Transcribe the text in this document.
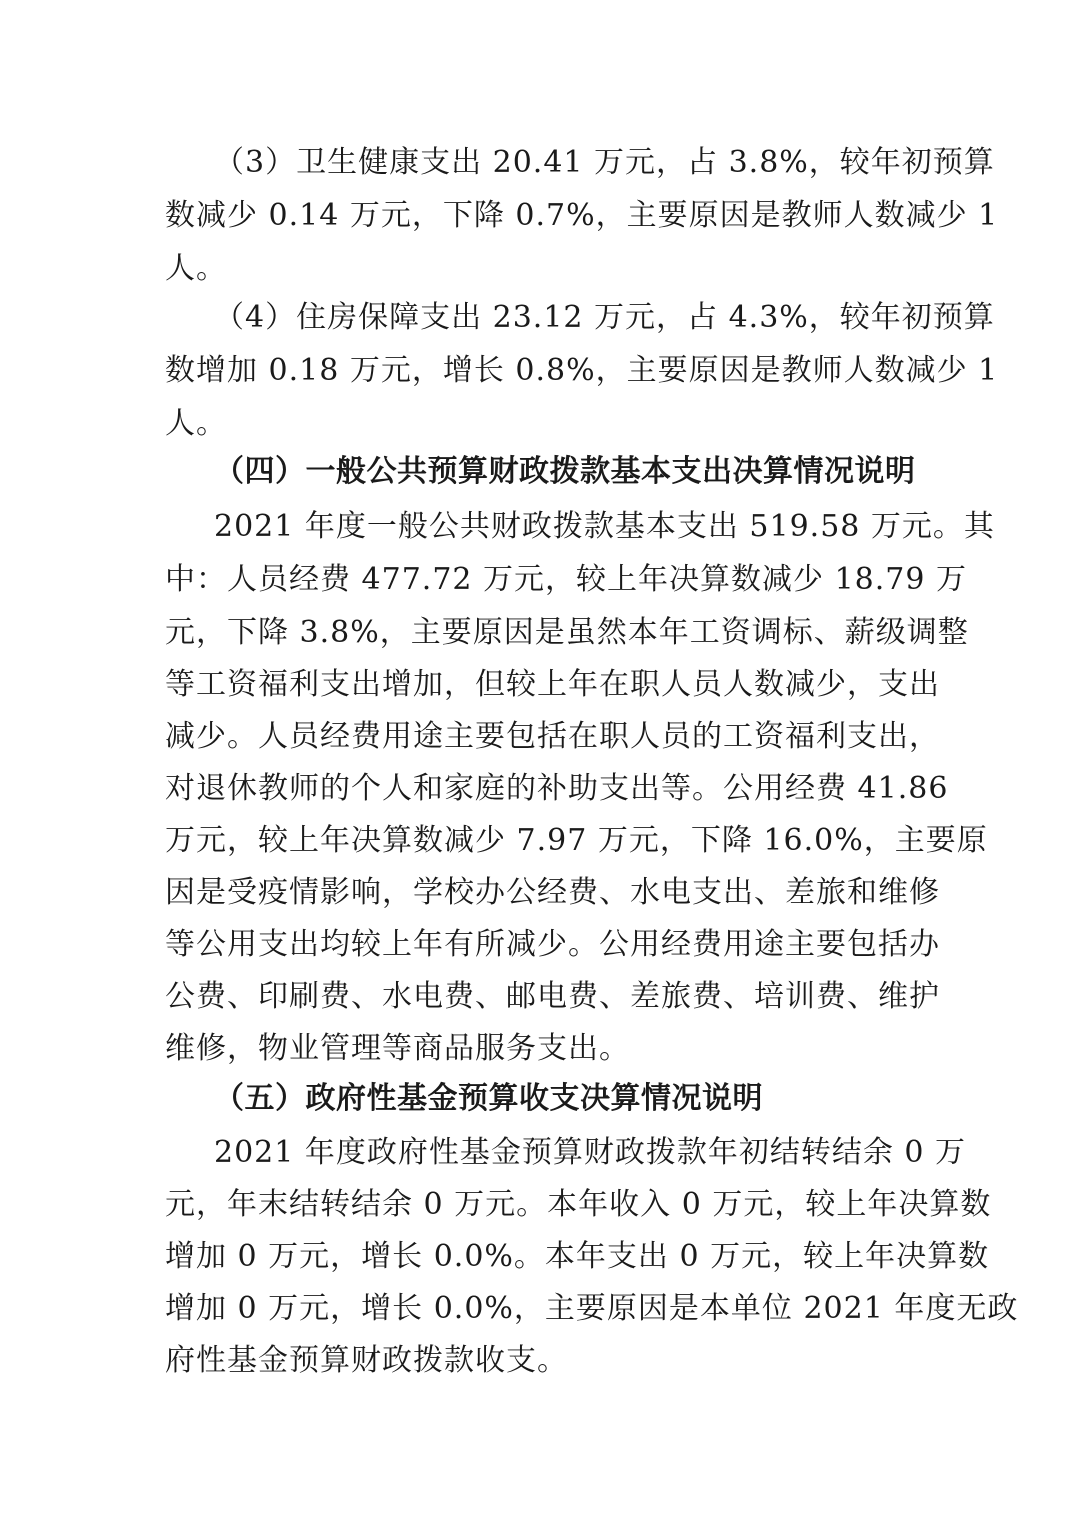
（3）卫生健康支出 20.41 万元，占 3.8%，较年初预算
数减少 0.14 万元，下降 0.7%，主要原因是教师人数减少 1
人。
（4）住房保障支出 23.12 万元，占 4.3%，较年初预算
数增加 0.18 万元，增长 0.8%，主要原因是教师人数减少 1
人。
（四）一般公共预算财政拨款基本支出决算情况说明
2021 年度一般公共财政拨款基本支出 519.58 万元。其
中：人员经费 477.72 万元，较上年决算数减少 18.79 万
元，下降 3.8%，主要原因是虽然本年工资调标、薪级调整
等工资福利支出增加，但较上年在职人员人数减少，支出
减少。人员经费用途主要包括在职人员的工资福利支出，
对退休教师的个人和家庭的补助支出等。公用经费 41.86
万元，较上年决算数减少 7.97 万元，下降 16.0%，主要原
因是受疫情影响，学校办公经费、水电支出、差旅和维修
等公用支出均较上年有所减少。公用经费用途主要包括办
公费、印刷费、水电费、邮电费、差旅费、培训费、维护
维修，物业管理等商品服务支出。
（五）政府性基金预算收支决算情况说明
2021 年度政府性基金预算财政拨款年初结转结余 0 万
元，年末结转结余 0 万元。本年收入 0 万元，较上年决算数
增加 0 万元，增长 0.0%。本年支出 0 万元，较上年决算数
增加 0 万元，增长 0.0%，主要原因是本单位 2021 年度无政
府性基金预算财政拨款收支。
